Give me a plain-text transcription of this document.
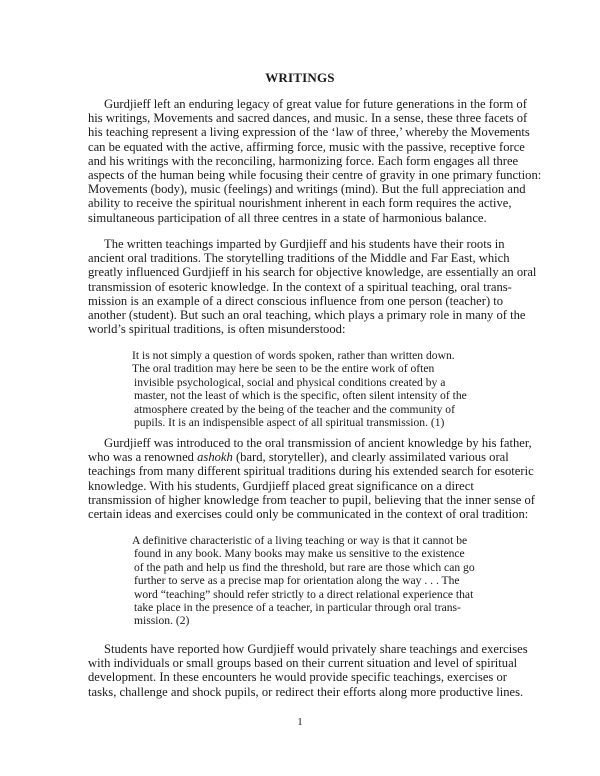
WRITINGS
Gurdjieff left an enduring legacy of great value for future generations in the form of
his writings, Movements and sacred dances, and music. In a sense, these three facets of
his teaching represent a living expression of the ‘law of three,’ whereby the Movements
can be equated with the active, affirming force, music with the passive, receptive force
and his writings with the reconciling, harmonizing force. Each form engages all three
aspects of the human being while focusing their centre of gravity in one primary function:
Movements (body), music (feelings) and writings (mind). But the full appreciation and
ability to receive the spiritual nourishment inherent in each form requires the active,
simultaneous participation of all three centres in a state of harmonious balance.
The written teachings imparted by Gurdjieff and his students have their roots in
ancient oral traditions. The storytelling traditions of the Middle and Far East, which
greatly influenced Gurdjieff in his search for objective knowledge, are essentially an oral
transmission of esoteric knowledge. In the context of a spiritual teaching, oral trans-
mission is an example of a direct conscious influence from one person (teacher) to
another (student). But such an oral teaching, which plays a primary role in many of the
world’s spiritual traditions, is often misunderstood:
It is not simply a question of words spoken, rather than written down.
The oral tradition may here be seen to be the entire work of often
invisible psychological, social and physical conditions created by a
master, not the least of which is the specific, often silent intensity of the
atmosphere created by the being of the teacher and the community of
pupils. It is an indispensible aspect of all spiritual transmission. (1)
Gurdjieff was introduced to the oral transmission of ancient knowledge by his father,
who was a renowned ashokh (bard, storyteller), and clearly assimilated various oral
teachings from many different spiritual traditions during his extended search for esoteric
knowledge. With his students, Gurdjieff placed great significance on a direct
transmission of higher knowledge from teacher to pupil, believing that the inner sense of
certain ideas and exercises could only be communicated in the context of oral tradition:
A definitive characteristic of a living teaching or way is that it cannot be
found in any book. Many books may make us sensitive to the existence
of the path and help us find the threshold, but rare are those which can go
further to serve as a precise map for orientation along the way . . . The
word “teaching” should refer strictly to a direct relational experience that
take place in the presence of a teacher, in particular through oral trans-
mission. (2)
Students have reported how Gurdjieff would privately share teachings and exercises
with individuals or small groups based on their current situation and level of spiritual
development. In these encounters he would provide specific teachings, exercises or
tasks, challenge and shock pupils, or redirect their efforts along more productive lines.
1
